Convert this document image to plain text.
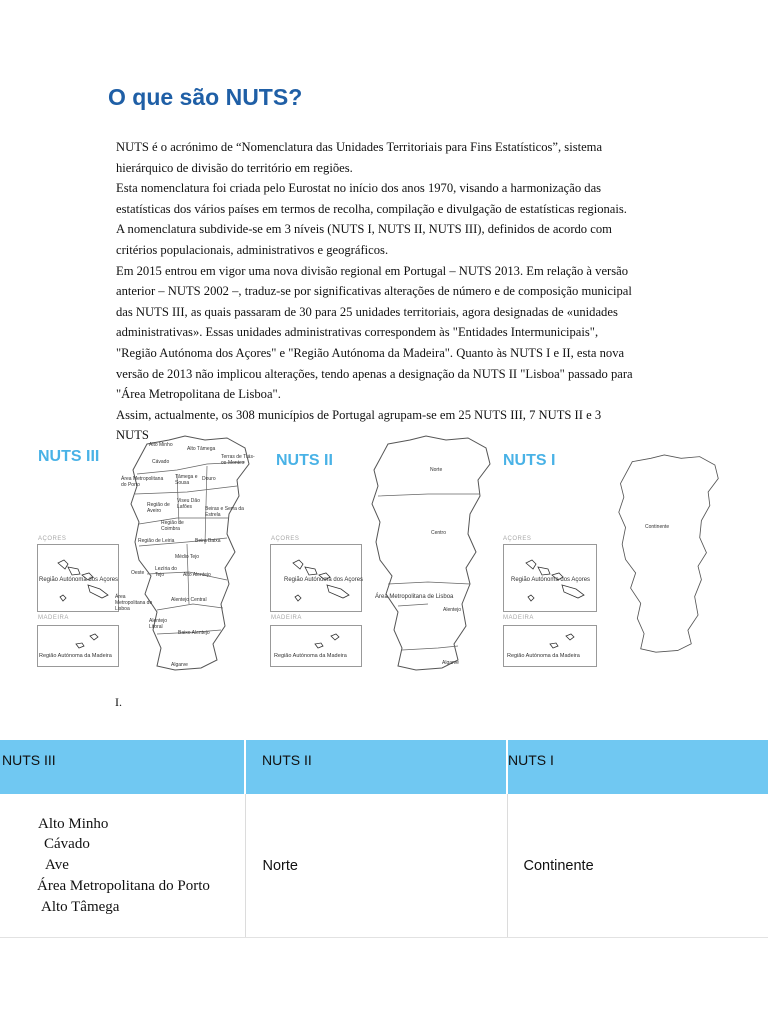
O que são NUTS?

NUTS é o acrónimo de “Nomenclatura das Unidades Territoriais para Fins Estatísticos”, sistema hierárquico de divisão do território em regiões.

Esta nomenclatura foi criada pelo Eurostat no início dos anos 1970, visando a harmonização das estatísticas dos vários países em termos de recolha, compilação e divulgação de estatísticas regionais.

A nomenclatura subdivide-se em 3 níveis (NUTS I, NUTS II, NUTS III), definidos de acordo com critérios populacionais, administrativos e geográficos.

Em 2015 entrou em vigor uma nova divisão regional em Portugal – NUTS 2013. Em relação à versão anterior – NUTS 2002 –, traduz-se por significativas alterações de número e de composição municipal das NUTS III, as quais passaram de 30 para 25 unidades territoriais, agora designadas de «unidades administrativas». Essas unidades administrativas correspondem às "Entidades Intermunicipais", "Região Autónoma dos Açores" e "Região Autónoma da Madeira". Quanto às NUTS I e II, esta nova versão de 2013 não implicou alterações, tendo apenas a designação da NUTS II "Lisboa" passado para "Área Metropolitana de Lisboa".

Assim, actualmente, os 308 municípios de Portugal agrupam-se em 25 NUTS III, 7 NUTS II e 3 NUTS

NUTS III
AÇORES
Região Autónoma dos Açores
MADEIRA
Região Autónoma da Madeira
Alto Minho
Cávado
Terras de Trás-os-Montes
Área Metropolitana do Porto
Tâmega e Sousa
Douro
Alto Tâmega
Região de Aveiro
Viseu Dão Lafões	Beiras e Serra da Estrela
Região de Coimbra
Região de Leiria	Beira Baixa
Médio Tejo
Oeste
Lezíria do Tejo	Alto Alentejo
Área Metropolitana de Lisboa
Alentejo Central
Alentejo Litoral
Baixo Alentejo
Algarve
NUTS II
AÇORES
Região Autónoma dos Açores
MADEIRA
Região Autónoma da Madeira
Norte
Centro
Área Metropolitana de Lisboa
Alentejo
Algarve
NUTS I
AÇORES
Região Autónoma dos Açores
MADEIRA
Região Autónoma da Madeira
Continente
I.
NUTS III	NUTS II	NUTS I

Alto Minho
Cávado
Ave
Área Metropolitana do Porto
Alto Tâmega	Norte	Continente
